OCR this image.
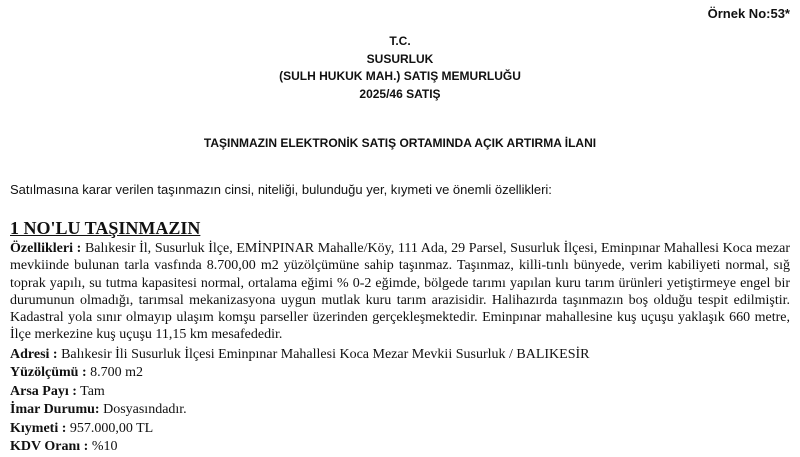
Örnek No:53*
T.C.
SUSURLUK
(SULH HUKUK MAH.) SATIŞ MEMURLUĞU
2025/46 SATIŞ
TAŞINMAZIN ELEKTRONİK SATIŞ ORTAMINDA AÇIK ARTIRMA İLANI
Satılmasına karar verilen taşınmazın cinsi, niteliği, bulunduğu yer, kıymeti ve önemli özellikleri:
1 NO'LU TAŞINMAZIN

Özellikleri : Balıkesir İl, Susurluk İlçe, EMİNPINAR Mahalle/Köy, 111 Ada, 29 Parsel, Susurluk İlçesi, Eminpınar Mahallesi Koca mezar mevkiinde bulunan tarla vasfında 8.700,00 m2 yüzölçümüne sahip taşınmaz. Taşınmaz, killi-tınlı bünyede, verim kabiliyeti normal, sığ toprak yapılı, su tutma kapasitesi normal, ortalama eğimi % 0-2 eğimde, bölgede tarımı yapılan kuru tarım ürünleri yetiştirmeye engel bir durumunun olmadığı, tarımsal mekanizasyona uygun mutlak kuru tarım arazisidir. Halihazırda taşınmazın boş olduğu tespit edilmiştir. Kadastral yola sınır olmayıp ulaşım komşu parseller üzerinden gerçekleşmektedir. Eminpınar mahallesine kuş uçuşu yaklaşık 660 metre, İlçe merkezine kuş uçuşu 11,15 km mesafededir.

Adresi : Balıkesir İli Susurluk İlçesi Eminpınar Mahallesi Koca Mezar Mevkii Susurluk / BALIKESİR

Yüzölçümü : 8.700 m2

Arsa Payı : Tam

İmar Durumu: Dosyasındadır.

Kıymeti : 957.000,00 TL

KDV Oranı : %10
